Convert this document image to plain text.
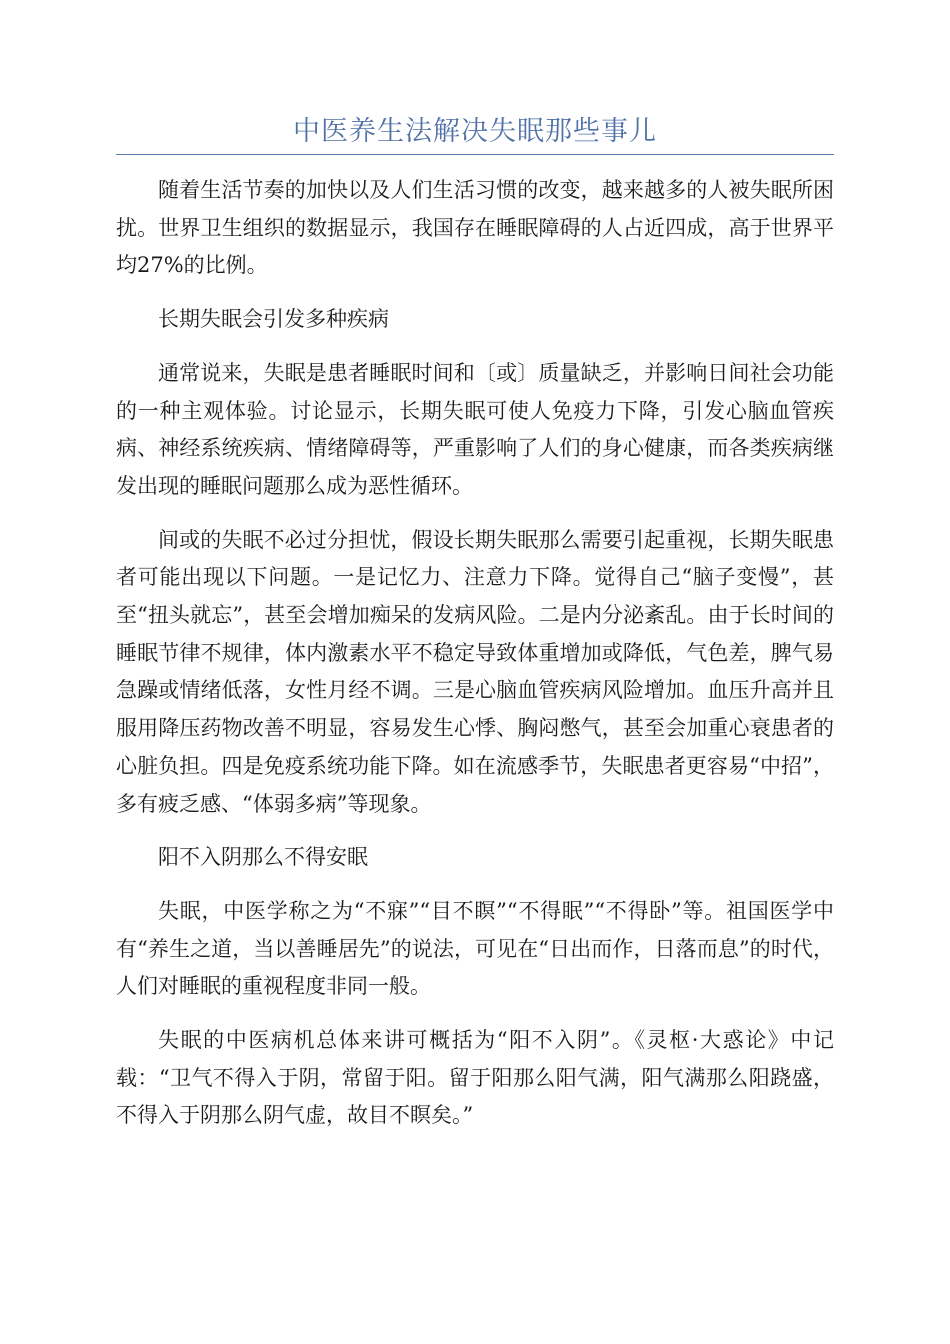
中医养生法解决失眠那些事儿

随着生活节奏的加快以及人们生活习惯的改变，越来越多的人被失眠所困扰。世界卫生组织的数据显示，我国存在睡眠障碍的人占近四成，高于世界平均27%的比例。

长期失眠会引发多种疾病

通常说来，失眠是患者睡眠时间和〔或〕质量缺乏，并影响日间社会功能的一种主观体验。讨论显示，长期失眠可使人免疫力下降，引发心脑血管疾病、神经系统疾病、情绪障碍等，严重影响了人们的身心健康，而各类疾病继发出现的睡眠问题那么成为恶性循环。

间或的失眠不必过分担忧，假设长期失眠那么需要引起重视，长期失眠患者可能出现以下问题。一是记忆力、注意力下降。觉得自己“脑子变慢”，甚至“扭头就忘”，甚至会增加痴呆的发病风险。二是内分泌紊乱。由于长时间的睡眠节律不规律，体内激素水平不稳定导致体重增加或降低，气色差，脾气易急躁或情绪低落，女性月经不调。三是心脑血管疾病风险增加。血压升高并且服用降压药物改善不明显，容易发生心悸、胸闷憋气，甚至会加重心衰患者的心脏负担。四是免疫系统功能下降。如在流感季节，失眠患者更容易“中招”，多有疲乏感、“体弱多病”等现象。

阳不入阴那么不得安眠

失眠，中医学称之为“不寐”“目不瞑”“不得眠”“不得卧”等。祖国医学中有“养生之道，当以善睡居先”的说法，可见在“日出而作，日落而息”的时代，人们对睡眠的重视程度非同一般。

失眠的中医病机总体来讲可概括为“阳不入阴”。《灵枢·大惑论》中记载：“卫气不得入于阴，常留于阳。留于阳那么阳气满，阳气满那么阳跷盛，不得入于阴那么阴气虚，故目不瞑矣。”
